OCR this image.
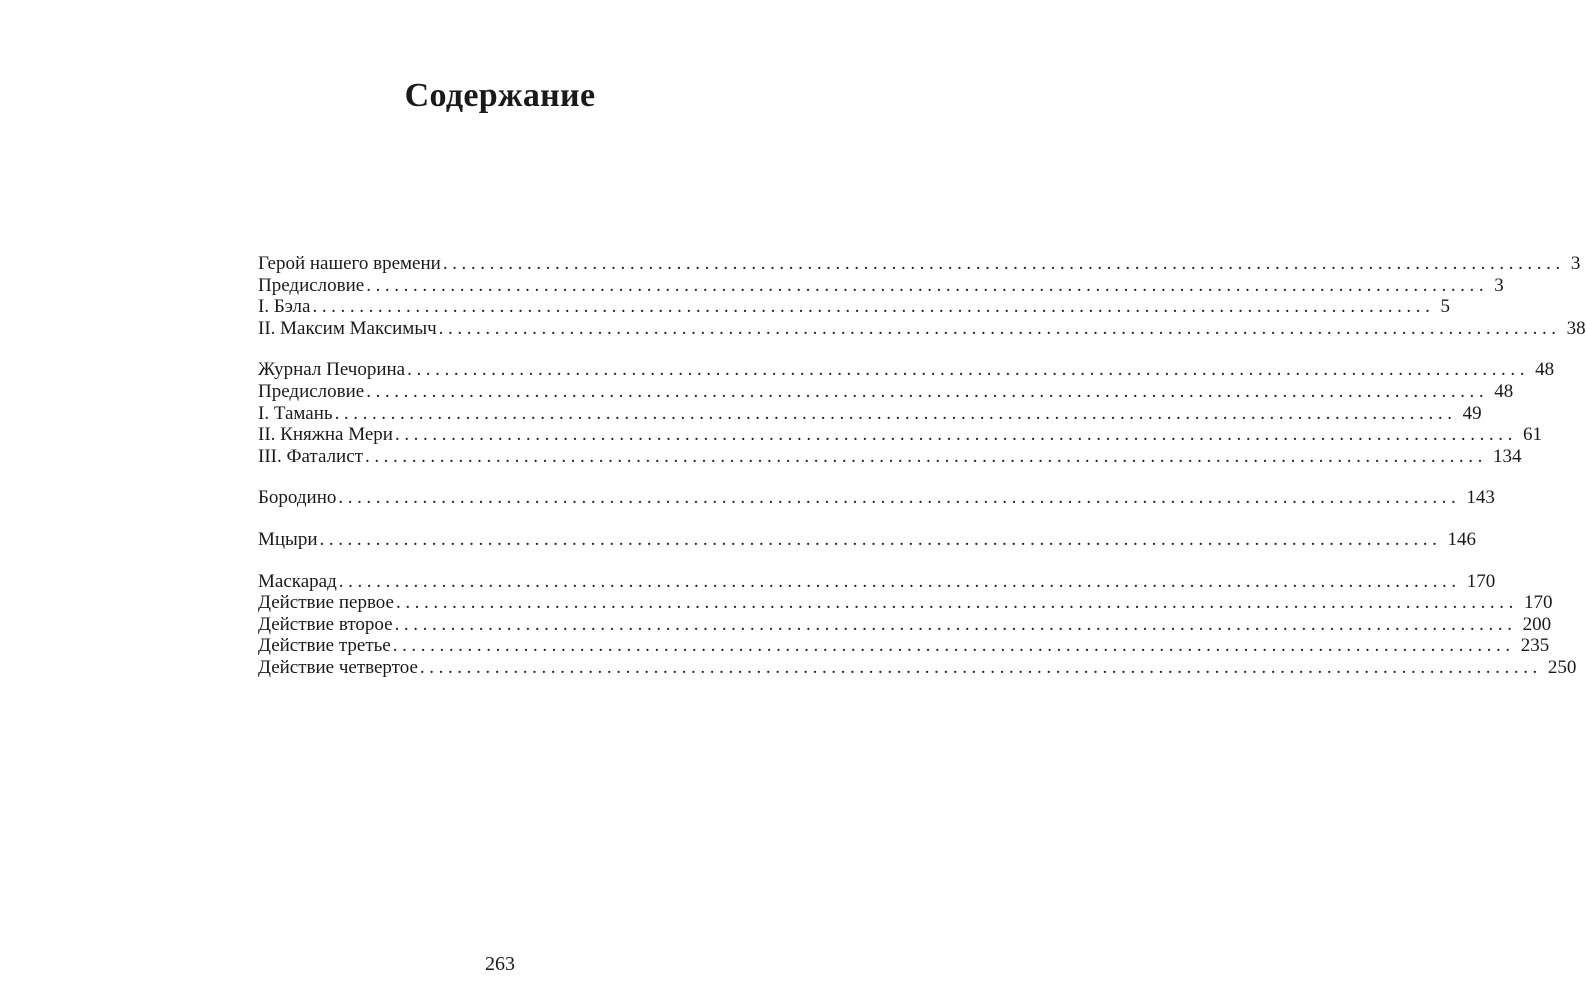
Содержание
Герой нашего времени ........................................................................................................................ 3
Предисловие ........................................................................................................................ 3
I. Бэла ........................................................................................................................ 5
II. Максим Максимыч ........................................................................................................................ 38
Журнал Печорина ........................................................................................................................ 48
Предисловие ........................................................................................................................ 48
I. Тамань ........................................................................................................................ 49
II. Княжна Мери ........................................................................................................................ 61
III. Фаталист ........................................................................................................................ 134
Бородино ........................................................................................................................ 143
Мцыри ........................................................................................................................ 146
Маскарад ........................................................................................................................ 170
Действие первое ........................................................................................................................ 170
Действие второе ........................................................................................................................ 200
Действие третье ........................................................................................................................ 235
Действие четвертое ........................................................................................................................ 250
263
